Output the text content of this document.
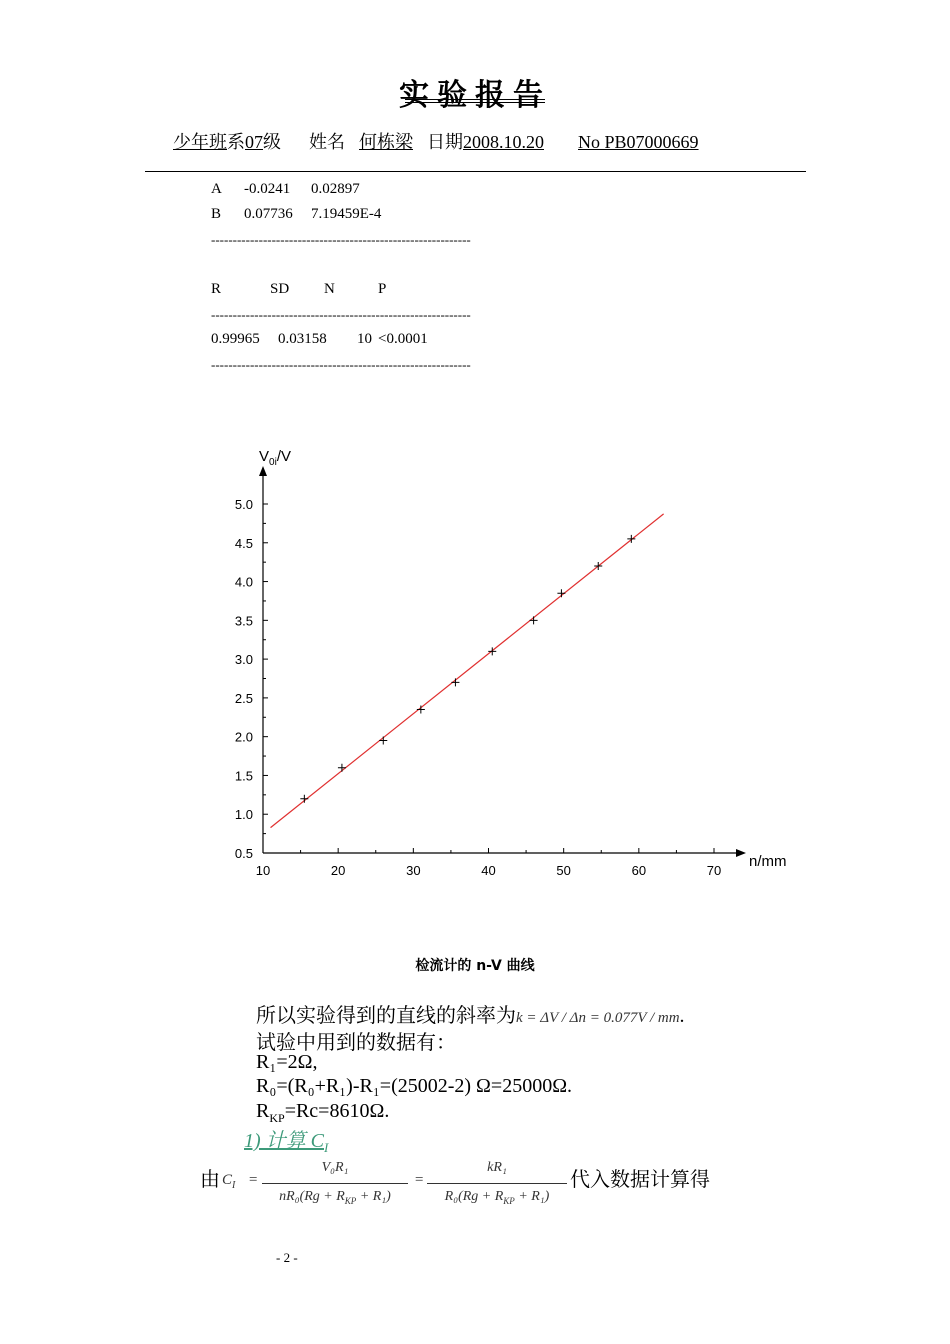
实验报告
少年班系07级 姓名 何栋梁 日期2008.10.20 No PB07000669
A -0.0241 0.02897
B 0.07736 7.19459E-4
------------------------------------------------------------
R	SD N	P
------------------------------------------------------------
0.99965 0.03158 10 <0.0001
------------------------------------------------------------
10	20	30	40	50	60	70
0.5
1.0
1.5
2.0
2.5
3.0
3.5
4.0
4.5
5.0
$V_{0i}/V$
n/mm
检流计的 n-V 曲线
所以实验得到的直线的斜率为k = ΔV / Δn = 0.077V / mm.
试验中用到的数据有：
R₁=2Ω,
R₀=(R₀+R₁)-R₁=(25002-2) Ω=25000Ω.
$R_{KP}=Rc=8610\Omega$.
1) 计算 $C_I$
由 $C_I$ =
V₀R₁
$nR_0(Rg + R_{KP} + R_1)$
=
kR₁
$R_0(Rg + R_{KP} + R_1)$
代入数据计算得
- 2 -
